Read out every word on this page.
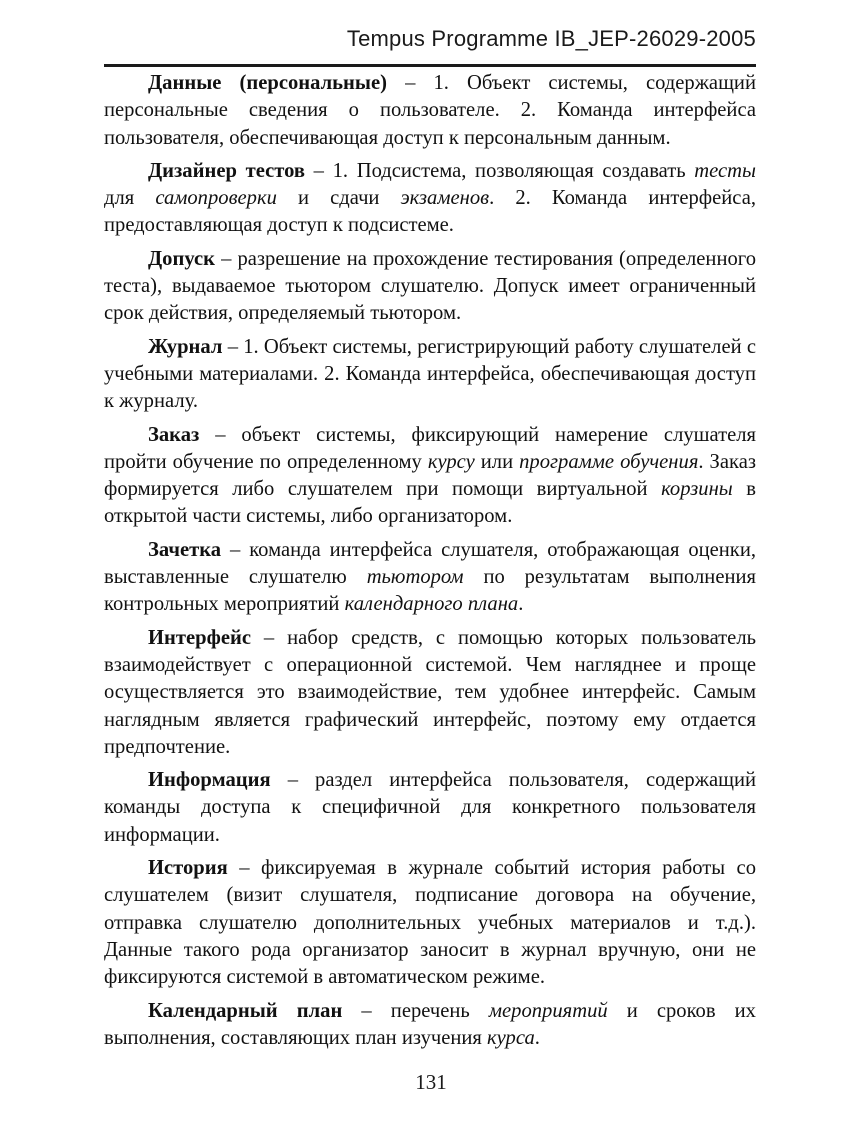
Tempus Programme IB_JEP-26029-2005

Данные (персональные) – 1. Объект системы, содержащий персональные сведения о пользователе. 2. Команда интерфейса пользователя, обеспечивающая доступ к персональным данным.

Дизайнер тестов – 1. Подсистема, позволяющая создавать тесты для самопроверки и сдачи экзаменов. 2. Команда интерфейса, предоставляющая доступ к подсистеме.

Допуск – разрешение на прохождение тестирования (определенного теста), выдаваемое тьютором слушателю. Допуск имеет ограниченный срок действия, определяемый тьютором.

Журнал – 1. Объект системы, регистрирующий работу слушателей с учебными материалами. 2. Команда интерфейса, обеспечивающая доступ к журналу.

Заказ – объект системы, фиксирующий намерение слушателя пройти обучение по определенному курсу или программе обучения. Заказ формируется либо слушателем при помощи виртуальной корзины в открытой части системы, либо организатором.

Зачетка – команда интерфейса слушателя, отображающая оценки, выставленные слушателю тьютором по результатам выполнения контрольных мероприятий календарного плана.

Интерфейс – набор средств, с помощью которых пользователь взаимодействует с операционной системой. Чем нагляднее и проще осуществляется это взаимодействие, тем удобнее интерфейс. Самым наглядным является графический интерфейс, поэтому ему отдается предпочтение.

Информация – раздел интерфейса пользователя, содержащий команды доступа к специфичной для конкретного пользователя информации.

История – фиксируемая в журнале событий история работы со слушателем (визит слушателя, подписание договора на обучение, отправка слушателю дополнительных учебных материалов и т.д.). Данные такого рода организатор заносит в журнал вручную, они не фиксируются системой в автоматическом режиме.

Календарный план – перечень мероприятий и сроков их выполнения, составляющих план изучения курса.

131
